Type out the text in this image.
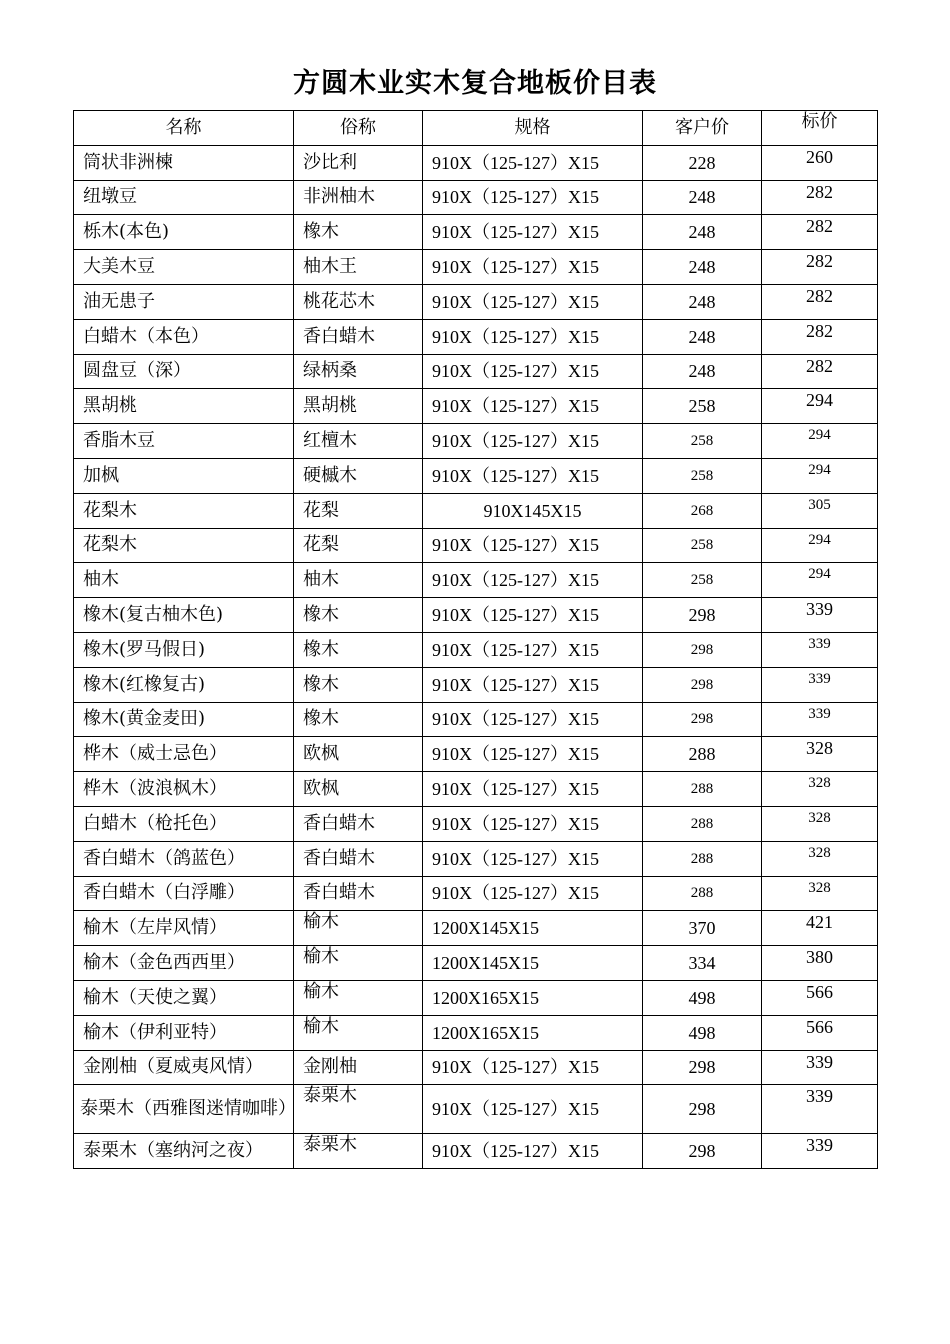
方圆木业实木复合地板价目表
名称	俗称	规格	客户价	标价
筒状非洲楝	沙比利	910X（125-127）X15	228	260
纽墩豆	非洲柚木	910X（125-127）X15	248	282
栎木(本色)	橡木	910X（125-127）X15	248	282
大美木豆	柚木王	910X（125-127）X15	248	282
油无患子	桃花芯木	910X（125-127）X15	248	282
白蜡木（本色）	香白蜡木	910X（125-127）X15	248	282
圆盘豆（深）	绿柄桑	910X（125-127）X15	248	282
黑胡桃	黑胡桃	910X（125-127）X15	258	294
香脂木豆	红檀木	910X（125-127）X15	258	294
加枫	硬槭木	910X（125-127）X15	258	294
花梨木	花梨	910X145X15	268	305
花梨木	花梨	910X（125-127）X15	258	294
柚木	柚木	910X（125-127）X15	258	294
橡木(复古柚木色)	橡木	910X（125-127）X15	298	339
橡木(罗马假日)	橡木	910X（125-127）X15	298	339
橡木(红橡复古)	橡木	910X（125-127）X15	298	339
橡木(黄金麦田)	橡木	910X（125-127）X15	298	339
桦木（威士忌色）	欧枫	910X（125-127）X15	288	328
桦木（波浪枫木）	欧枫	910X（125-127）X15	288	328
白蜡木（枪托色）	香白蜡木	910X（125-127）X15	288	328
香白蜡木（鸽蓝色）	香白蜡木	910X（125-127）X15	288	328
香白蜡木（白浮雕）	香白蜡木	910X（125-127）X15	288	328
榆木（左岸风情）	榆木	1200X145X15	370	421
榆木（金色西西里）	榆木	1200X145X15	334	380
榆木（天使之翼）	榆木	1200X165X15	498	566
榆木（伊利亚特）	榆木	1200X165X15	498	566
金刚柚（夏威夷风情）	金刚柚	910X（125-127）X15	298	339
泰栗木（西雅图迷情咖啡）	泰栗木	910X（125-127）X15	298	339
泰栗木（塞纳河之夜）	泰栗木	910X（125-127）X15	298	339
